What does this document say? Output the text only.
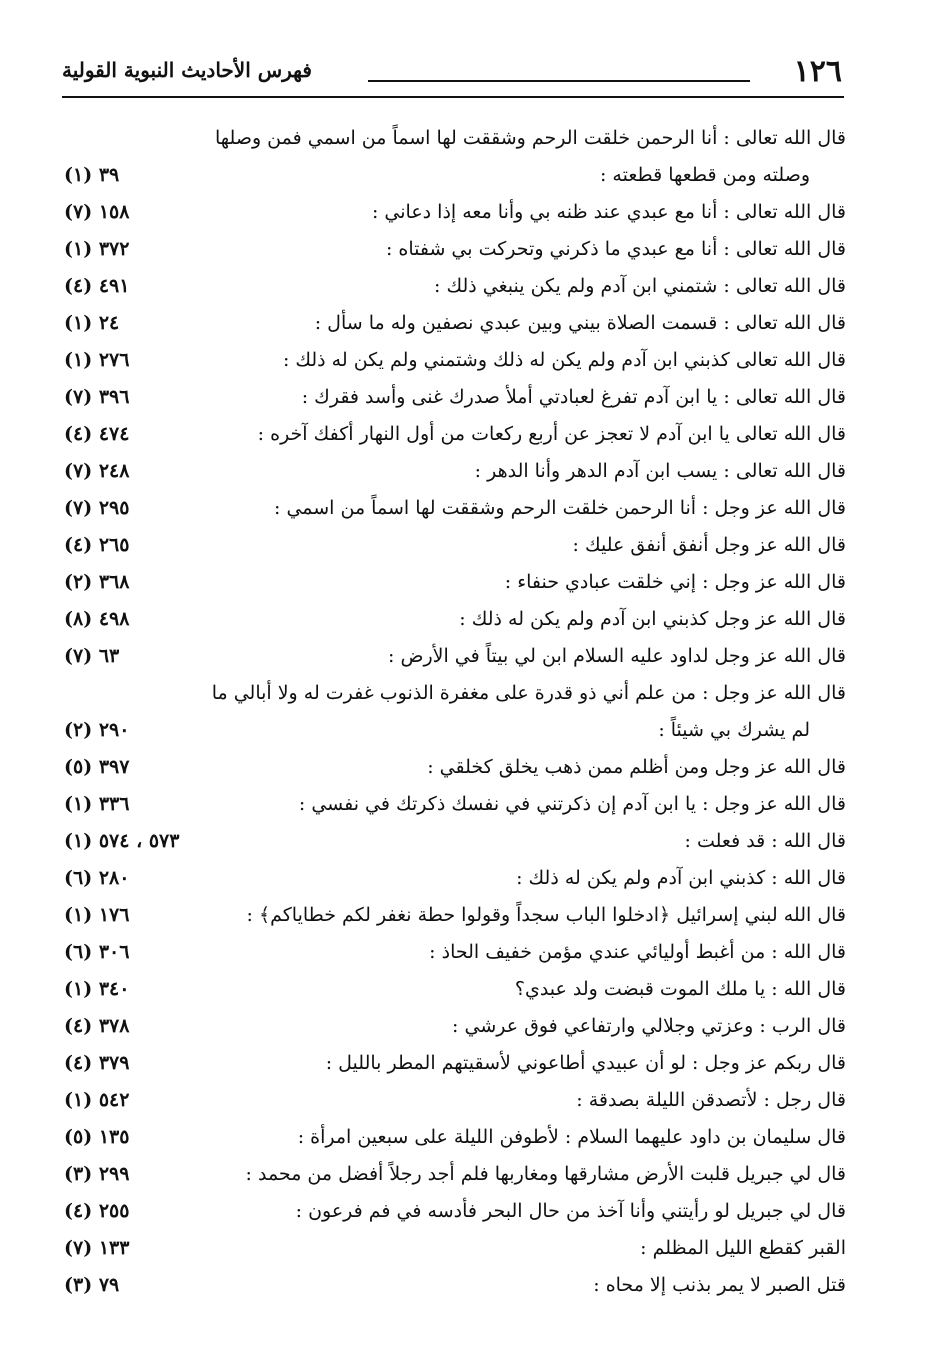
١٢٦
فهرس الأحاديث النبوية القولية
قال الله تعالى : أنا الرحمن خلقت الرحم وشققت لها اسماً من اسمي فمن وصلها
وصلته ومن قطعها قطعته :
(١) ٣٩
قال الله تعالى : أنا مع عبدي عند ظنه بي وأنا معه إذا دعاني :
(٧) ١٥٨
قال الله تعالى : أنا مع عبدي ما ذكرني وتحركت بي شفتاه :
(١) ٣٧٢
قال الله تعالى : شتمني ابن آدم ولم يكن ينبغي ذلك :
(٤) ٤٩١
قال الله تعالى : قسمت الصلاة بيني وبين عبدي نصفين وله ما سأل :
(١) ٢٤
قال الله تعالى كذبني ابن آدم ولم يكن له ذلك وشتمني ولم يكن له ذلك :
(١) ٢٧٦
قال الله تعالى : يا ابن آدم تفرغ لعبادتي أملأ صدرك غنى وأسد فقرك :
(٧) ٣٩٦
قال الله تعالى يا ابن آدم لا تعجز عن أربع ركعات من أول النهار أكفك آخره :
(٤) ٤٧٤
قال الله تعالى : يسب ابن آدم الدهر وأنا الدهر :
(٧) ٢٤٨
قال الله عز وجل : أنا الرحمن خلقت الرحم وشققت لها اسماً من اسمي :
(٧) ٢٩٥
قال الله عز وجل أنفق أنفق عليك :
(٤) ٢٦٥
قال الله عز وجل : إني خلقت عبادي حنفاء :
(٢) ٣٦٨
قال الله عز وجل كذبني ابن آدم ولم يكن له ذلك :
(٨) ٤٩٨
قال الله عز وجل لداود عليه السلام ابن لي بيتاً في الأرض :
(٧) ٦٣
قال الله عز وجل : من علم أني ذو قدرة على مغفرة الذنوب غفرت له ولا أبالي ما
لم يشرك بي شيئاً :
(٢) ٢٩٠
قال الله عز وجل ومن أظلم ممن ذهب يخلق كخلقي :
(٥) ٣٩٧
قال الله عز وجل : يا ابن آدم إن ذكرتني في نفسك ذكرتك في نفسي :
(١) ٣٣٦
قال الله : قد فعلت :
(١) ٥٧٣ ، ٥٧٤
قال الله : كذبني ابن آدم ولم يكن له ذلك :
(٦) ٢٨٠
قال الله لبني إسرائيل ﴿ادخلوا الباب سجداً وقولوا حطة نغفر لكم خطاياكم﴾ :
(١) ١٧٦
قال الله : من أغبط أوليائي عندي مؤمن خفيف الحاذ :
(٦) ٣٠٦
قال الله : يا ملك الموت قبضت ولد عبدي؟
(١) ٣٤٠
قال الرب : وعزتي وجلالي وارتفاعي فوق عرشي :
(٤) ٣٧٨
قال ربكم عز وجل : لو أن عبيدي أطاعوني لأسقيتهم المطر بالليل :
(٤) ٣٧٩
قال رجل : لأتصدقن الليلة بصدقة :
(١) ٥٤٢
قال سليمان بن داود عليهما السلام : لأطوفن الليلة على سبعين امرأة :
(٥) ١٣٥
قال لي جبريل قلبت الأرض مشارقها ومغاربها فلم أجد رجلاً أفضل من محمد :
(٣) ٢٩٩
قال لي جبريل لو رأيتني وأنا آخذ من حال البحر فأدسه في فم فرعون :
(٤) ٢٥٥
القبر كقطع الليل المظلم :
(٧) ١٣٣
قتل الصبر لا يمر بذنب إلا محاه :
(٣) ٧٩
